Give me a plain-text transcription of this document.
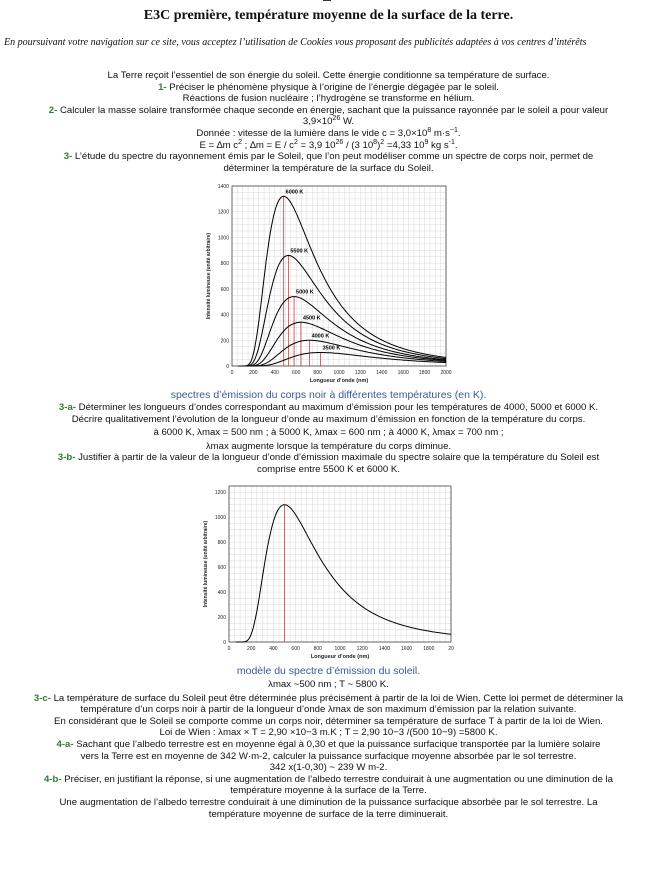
E3C première, température moyenne de la surface de la terre.
En poursuivant votre navigation sur ce site, vous acceptez l’utilisation de Cookies vous proposant des publicités adaptées à vos centres d’intérêts

La Terre reçoit l’essentiel de son énergie du soleil. Cette énergie conditionne sa température de surface.

1- Préciser le phénomène physique à l’origine de l’énergie dégagée par le soleil.

Réactions de fusion nucléaire ; l’hydrogène se transforme en hélium.

2- Calculer la masse solaire transformée chaque seconde en énergie, sachant que la puissance rayonnée par le soleil a pour valeur

$3,9\times 10^{26}$ W.

Donnée : vitesse de la lumière dans le vide $c = 3,0\times 10^8$ $m\cdot s^{-1}$.

E = ∆m $c^2$ ; $\Delta m = E / c^2 = 3,9$ $10^{26} / (3$ $10^8)^2 =4,33$ $10^9$ kg $s^{-1}$.

3- L’étude du spectre du rayonnement émis par le Soleil, que l’on peut modéliser comme un spectre de corps noir, permet de déterminer la température de la surface du Soleil.

0	200	400	600	800 1000 1200 1400 1600 1800 2000
0
200
400
600
800
1000
1200
1400
Longueur d’onde (nm)
Intensité lumineuse (unité arbitraire)
6000 K
5500 K
5000 K
4500 K
4000 K
3500 K

spectres d’émission du corps noir à différentes températures (en K).

3-a- Déterminer les longueurs d’ondes correspondant au maximum d’émission pour les températures de 4000, 5000 et 6000 K.

Décrire qualitativement l’évolution de la longueur d’onde au maximum d’émission en fonction de la température du corps.

à 6000 K, λmax = 500 nm ; à 5000 K, λmax = 600 nm ; à 4000 K, λmax = 700 nm ;

λmax augmente lorsque la température du corps diminue.

3-b- Justifier à partir de la valeur de la longueur d’onde d’émission maximale du spectre solaire que la température du Soleil est comprise entre 5500 K et 6000 K.

0	200	400	600	800 1000 1200 1400 1600 1800	20
0
200
400
600
800
1000
1200
Longueur d’onde (nm)
Intensité lumineuse (unité arbitraire)

modèle du spectre d’émission du soleil.

λmax ~500 nm ; T ~ 5800 K.

3-c- La température de surface du Soleil peut être déterminée plus précisément à partir de la loi de Wien. Cette loi permet de déterminer la température d’un corps noir à partir de la longueur d’onde λmax de son maximum d’émission par la relation suivante.

En considérant que le Soleil se comporte comme un corps noir, déterminer sa température de surface T à partir de la loi de Wien.

Loi de Wien : λmax × T = 2,90 ×10−3 m.K ; T = 2,90 10−3 /(500 10−9) =5800 K.

4-a- Sachant que l’albedo terrestre est en moyenne égal à 0,30 et que la puissance surfacique transportée par la lumière solaire vers la Terre est en moyenne de 342 W·m-2, calculer la puissance surfacique moyenne absorbée par le sol terrestre.

342 x(1-0,30) ~ 239 W m-2.

4-b- Préciser, en justifiant la réponse, si une augmentation de l’albedo terrestre conduirait à une augmentation ou une diminution de la température moyenne à la surface de la Terre.

Une augmentation de l’albedo terrestre conduirait à une diminution de la puissance surfacique absorbée par le sol terrestre. La température moyenne de surface de la terre diminuerait.
